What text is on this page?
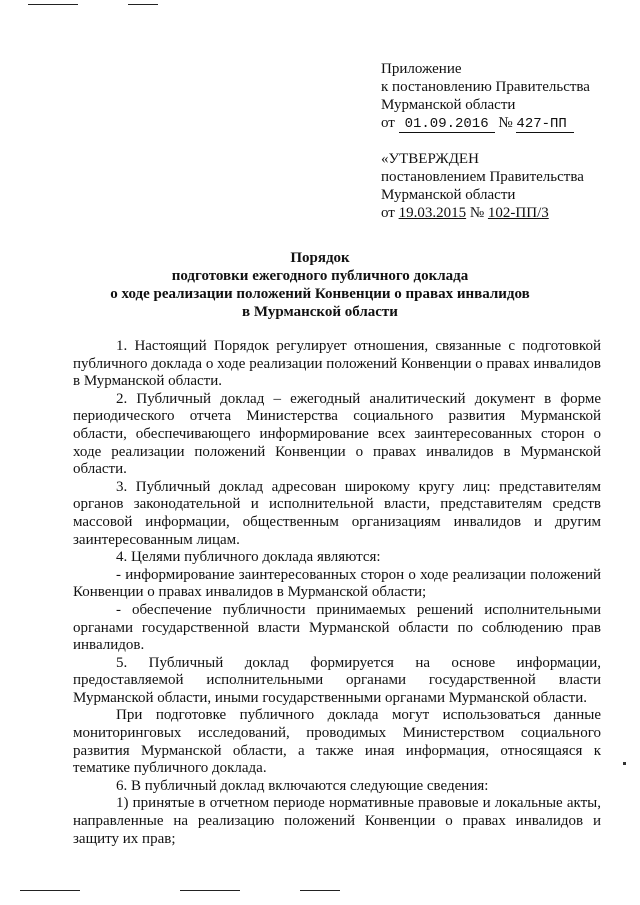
Приложение
к постановлению Правительства
Мурманской области
от 01.09.2016 № 427-ПП
«УТВЕРЖДЕН
постановлением Правительства
Мурманской области
от 19.03.2015 № 102-ПП/3
Порядок
подготовки ежегодного публичного доклада
о ходе реализации положений Конвенции о правах инвалидов
в Мурманской области

1. Настоящий Порядок регулирует отношения, связанные с подготовкой публичного доклада о ходе реализации положений Конвенции о правах инвалидов в Мурманской области.

2. Публичный доклад – ежегодный аналитический документ в форме периодического отчета Министерства социального развития Мурманской области, обеспечивающего информирование всех заинтересованных сторон о ходе реализации положений Конвенции о правах инвалидов в Мурманской области.

3. Публичный доклад адресован широкому кругу лиц: представителям органов законодательной и исполнительной власти, представителям средств массовой информации, общественным организациям инвалидов и другим заинтересованным лицам.

4. Целями публичного доклада являются:

- информирование заинтересованных сторон о ходе реализации положений Конвенции о правах инвалидов в Мурманской области;

- обеспечение публичности принимаемых решений исполнительными органами государственной власти Мурманской области по соблюдению прав инвалидов.

5. Публичный доклад формируется на основе информации, предоставляемой исполнительными органами государственной власти Мурманской области, иными государственными органами Мурманской области.

При подготовке публичного доклада могут использоваться данные мониторинговых исследований, проводимых Министерством социального развития Мурманской области, а также иная информация, относящаяся к тематике публичного доклада.

6. В публичный доклад включаются следующие сведения:

1) принятые в отчетном периоде нормативные правовые и локальные акты, направленные на реализацию положений Конвенции о правах инвалидов и защиту их прав;
